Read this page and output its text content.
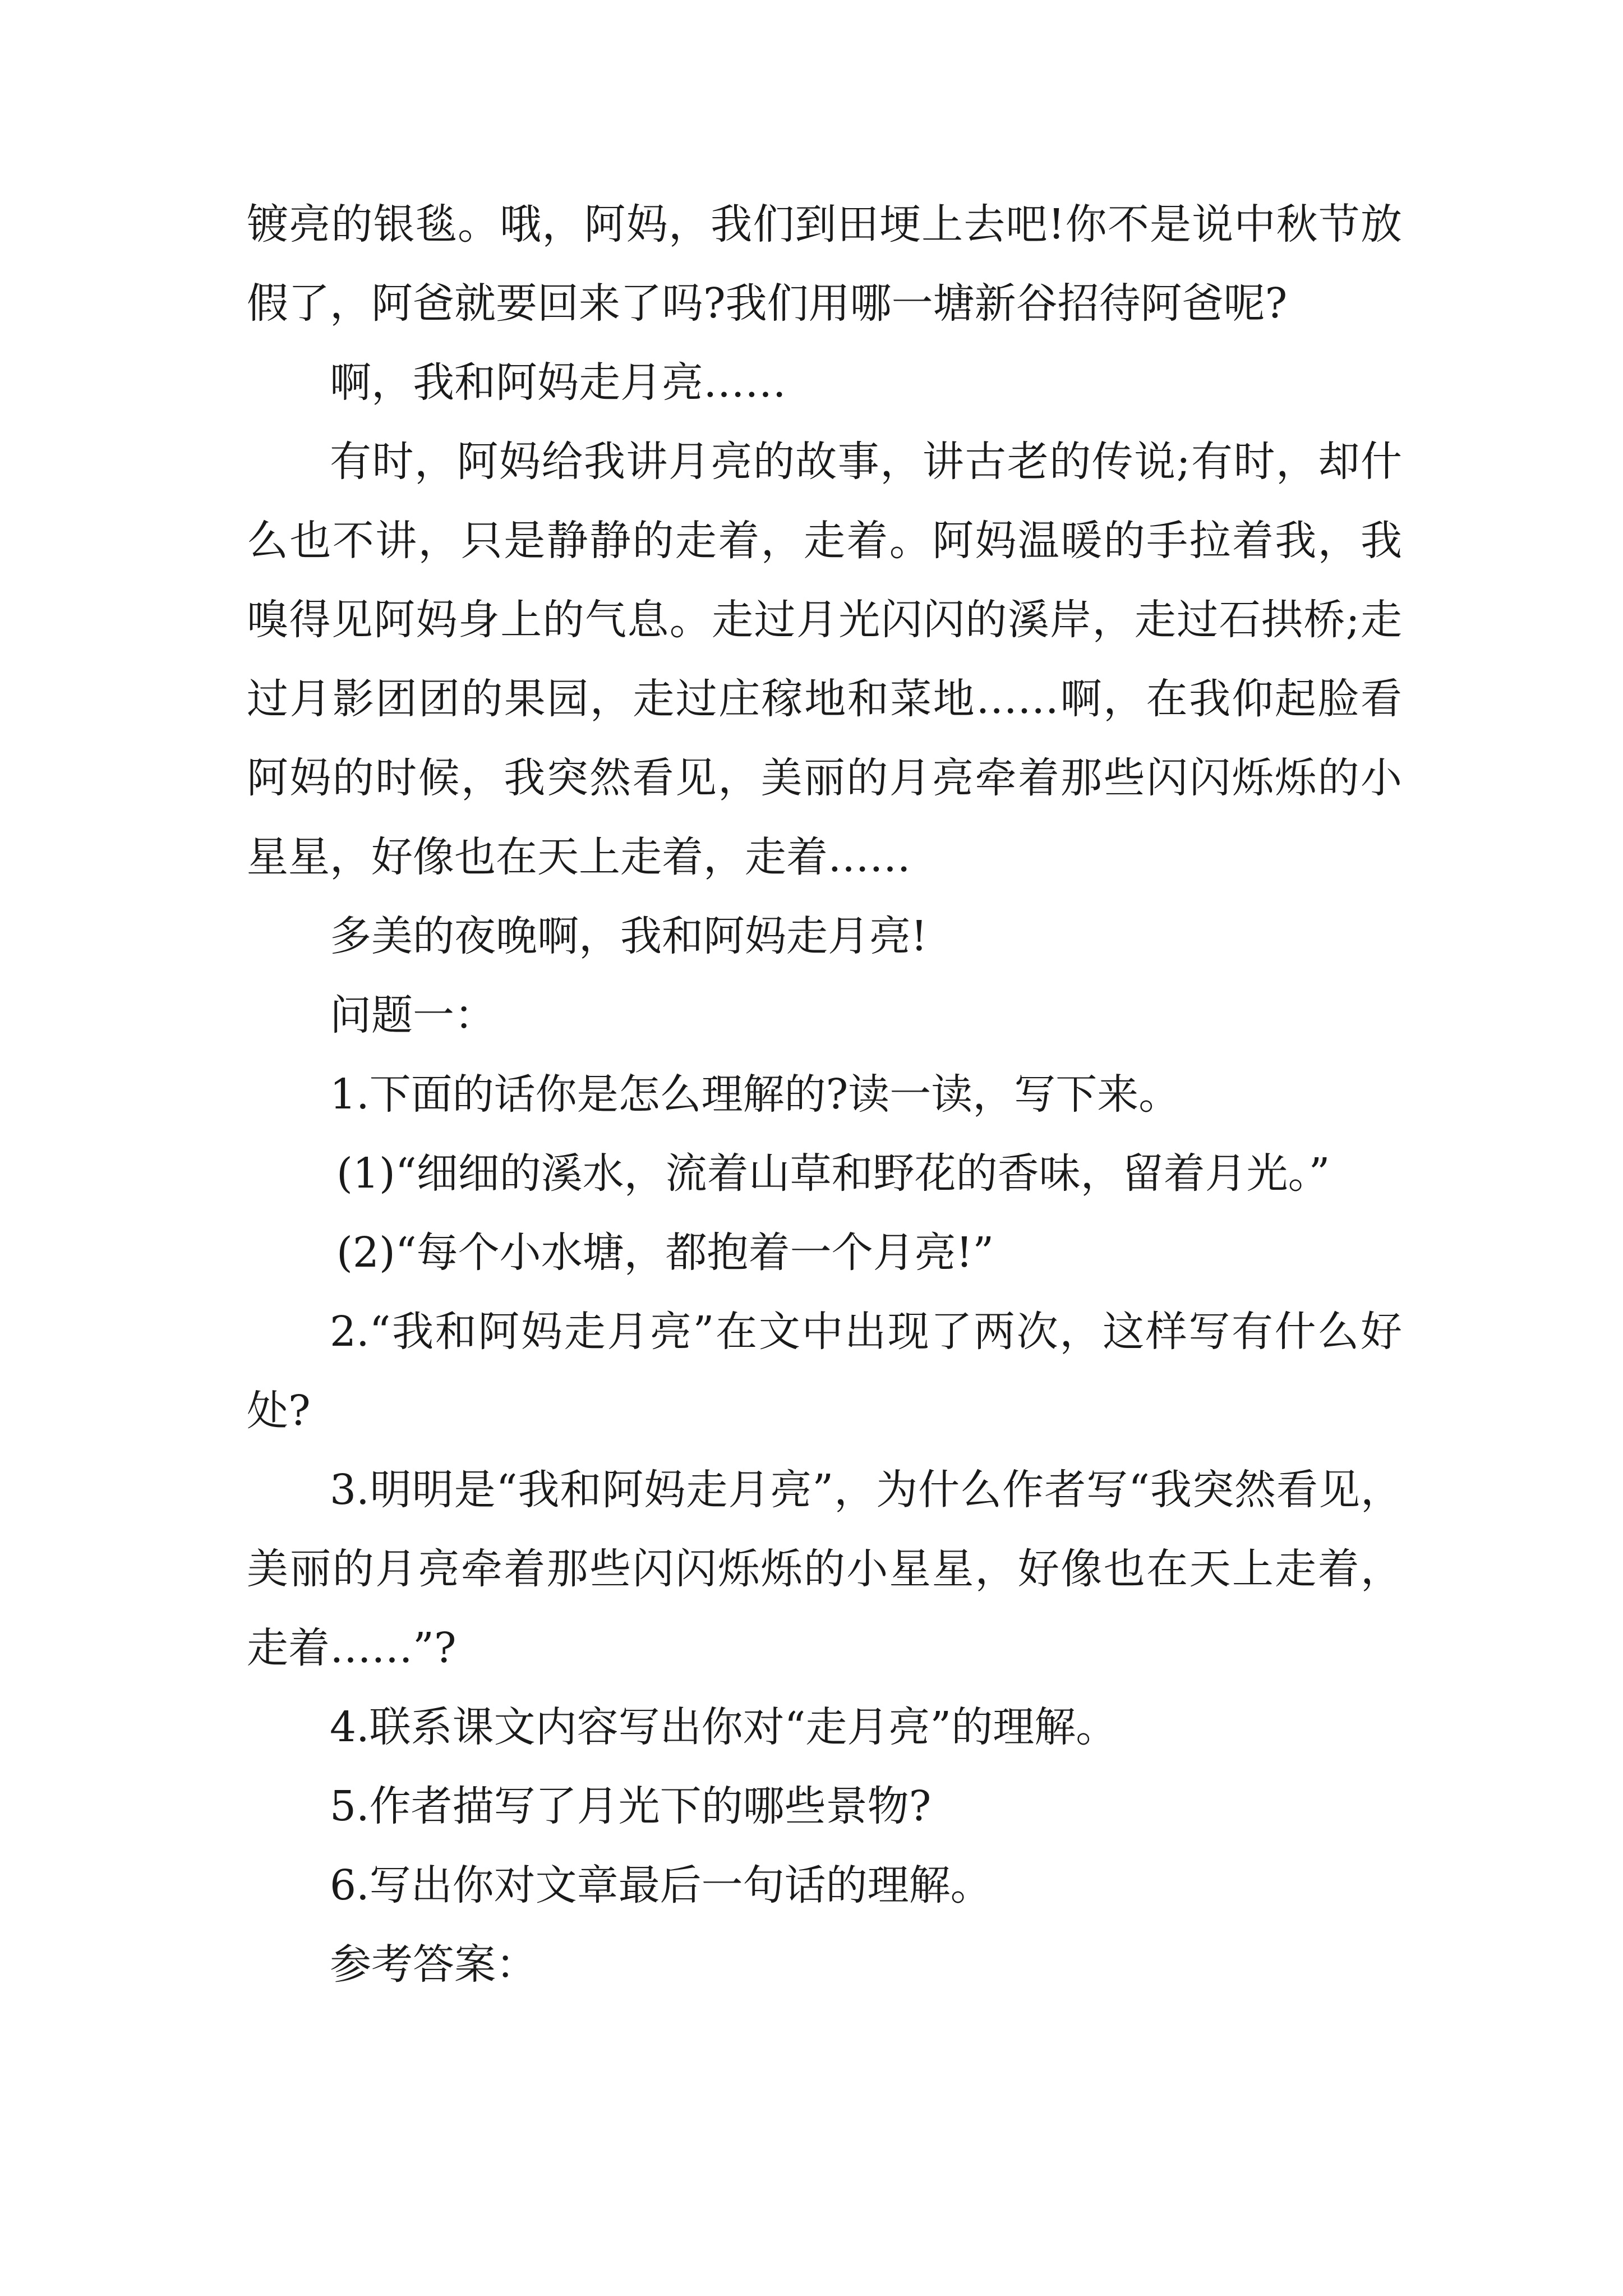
镀亮的银毯。哦，阿妈，我们到田埂上去吧!你不是说中秋节放假了，阿爸就要回来了吗?我们用哪一塘新谷招待阿爸呢?

啊，我和阿妈走月亮……

有时，阿妈给我讲月亮的故事，讲古老的传说;有时，却什么也不讲，只是静静的走着，走着。阿妈温暖的手拉着我，我嗅得见阿妈身上的气息。走过月光闪闪的溪岸，走过石拱桥;走过月影团团的果园，走过庄稼地和菜地……啊，在我仰起脸看阿妈的时候，我突然看见，美丽的月亮牵着那些闪闪烁烁的小星星，好像也在天上走着，走着……

多美的夜晚啊，我和阿妈走月亮!

问题一：

1.下面的话你是怎么理解的?读一读，写下来。

(1)“细细的溪水，流着山草和野花的香味，留着月光。”

(2)“每个小水塘，都抱着一个月亮!”

2.“我和阿妈走月亮”在文中出现了两次，这样写有什么好处?

3.明明是“我和阿妈走月亮”，为什么作者写“我突然看见，美丽的月亮牵着那些闪闪烁烁的小星星，好像也在天上走着，走着……”?

4.联系课文内容写出你对“走月亮”的理解。

5.作者描写了月光下的哪些景物?

6.写出你对文章最后一句话的理解。

参考答案：
